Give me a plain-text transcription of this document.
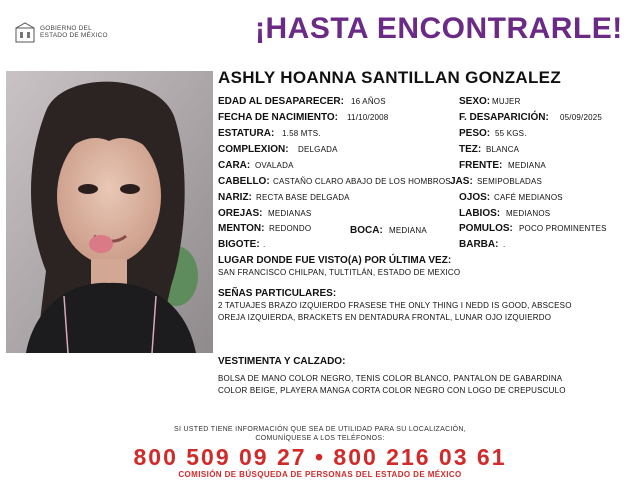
GOBIERNO DEL
ESTADO DE MÉXICO	¡HASTA ENCONTRARLE!
ASHLY HOANNA SANTILLAN GONZALEZ
EDAD AL DESAPARECER: 16 AÑOS	SEXO: MUJER
FECHA DE NACIMIENTO: 11/10/2008	F. DESAPARICIÓN: 05/09/2025
ESTATURA: 1.58 MTS.	PESO: 55 KGS.
COMPLEXION: DELGADA	TEZ: BLANCA
CARA: OVALADA	FRENTE: MEDIANA
CABELLO: CASTAÑO CLARO ABAJO DE LOS HOMBROS JAS: SEMIPOBLADAS
NARIZ: RECTA BASE DELGADA	OJOS: CAFÉ MEDIANOS
OREJAS: MEDIANAS	LABIOS: MEDIANOS
MENTON: REDONDO	BOCA: MEDIANA	POMULOS: POCO PROMINENTES
BIGOTE: .	BARBA: .
LUGAR DONDE FUE VISTO(A) POR ÚLTIMA VEZ:
SAN FRANCISCO CHILPAN, TULTITLÁN, ESTADO DE MEXICO
SEÑAS PARTICULARES:
2 TATUAJES BRAZO IZQUIERDO FRASESE THE ONLY THING I NEDD IS GOOD, ABSCESO
OREJA IZQUIERDA, BRACKETS EN DENTADURA FRONTAL, LUNAR OJO IZQUIERDO
VESTIMENTA Y CALZADO:
BOLSA DE MANO COLOR NEGRO, TENIS COLOR BLANCO, PANTALON DE GABARDINA
COLOR BEIGE, PLAYERA MANGA CORTA COLOR NEGRO CON LOGO DE CREPUSCULO
SI USTED TIENE INFORMACIÓN QUE SEA DE UTILIDAD PARA SU LOCALIZACIÓN,
COMUNÍQUESE A LOS TELÉFONOS:
800 509 09 27 • 800 216 03 61
COMISIÓN DE BÚSQUEDA DE PERSONAS DEL ESTADO DE MÉXICO
